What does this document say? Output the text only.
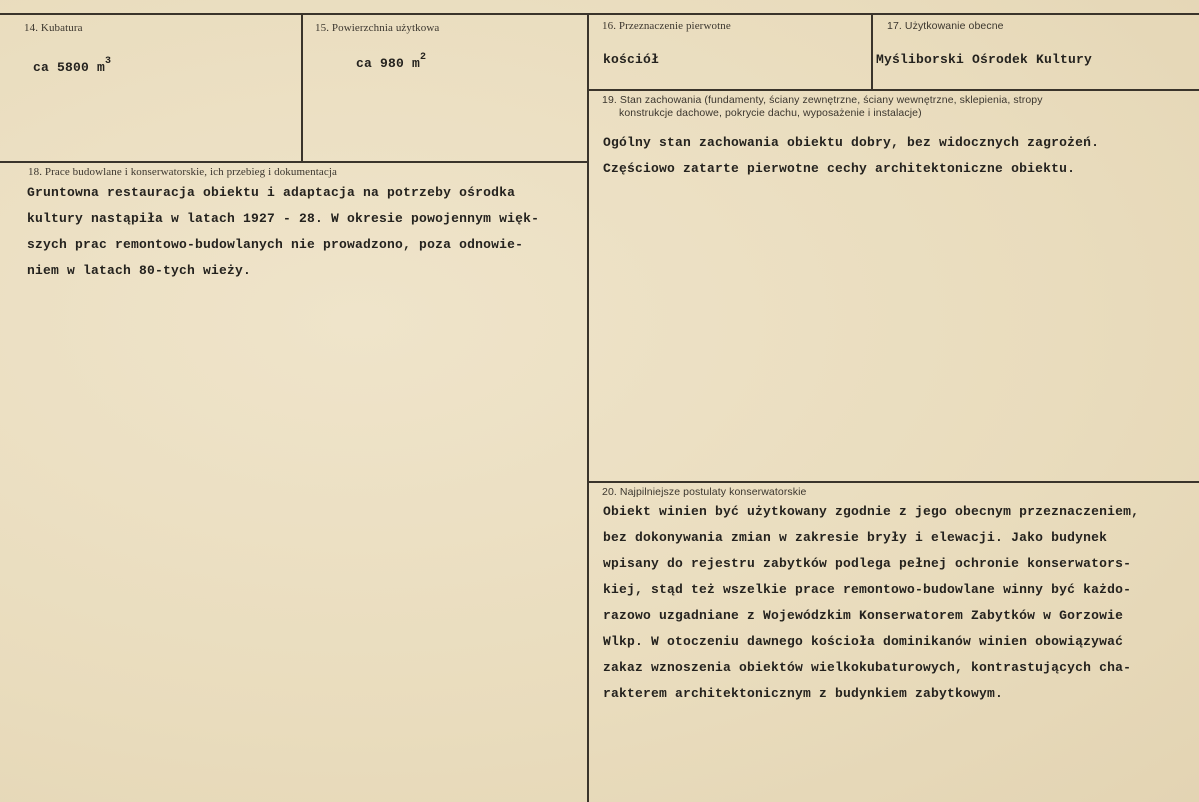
14. Kubatura
ca 5800 $m^3$
15. Powierzchnia użytkowa
ca 980 $m^2$
16. Przeznaczenie pierwotne
kościół
17. Użytkowanie obecne
Myśliborski Ośrodek Kultury
19. Stan zachowania (fundamenty, ściany zewnętrzne, ściany wewnętrzne, sklepienia, stropy
konstrukcje dachowe, pokrycie dachu, wyposażenie i instalacje)
Ogólny stan zachowania obiektu dobry, bez widocznych zagrożeń.
Częściowo zatarte pierwotne cechy architektoniczne obiektu.
18. Prace budowlane i konserwatorskie, ich przebieg i dokumentacja
Gruntowna restauracja obiektu i adaptacja na potrzeby ośrodka
kultury nastąpiła w latach 1927 - 28. W okresie powojennym więk-
szych prac remontowo-budowlanych nie prowadzono, poza odnowie-
niem w latach 80-tych wieży.
20. Najpilniejsze postulaty konserwatorskie
Obiekt winien być użytkowany zgodnie z jego obecnym przeznaczeniem,
bez dokonywania zmian w zakresie bryły i elewacji. Jako budynek
wpisany do rejestru zabytków podlega pełnej ochronie konserwators-
kiej, stąd też wszelkie prace remontowo-budowlane winny być każdo-
razowo uzgadniane z Wojewódzkim Konserwatorem Zabytków w Gorzowie
Wlkp. W otoczeniu dawnego kościoła dominikanów winien obowiązywać
zakaz wznoszenia obiektów wielkokubaturowych, kontrastujących cha-
rakterem architektonicznym z budynkiem zabytkowym.
